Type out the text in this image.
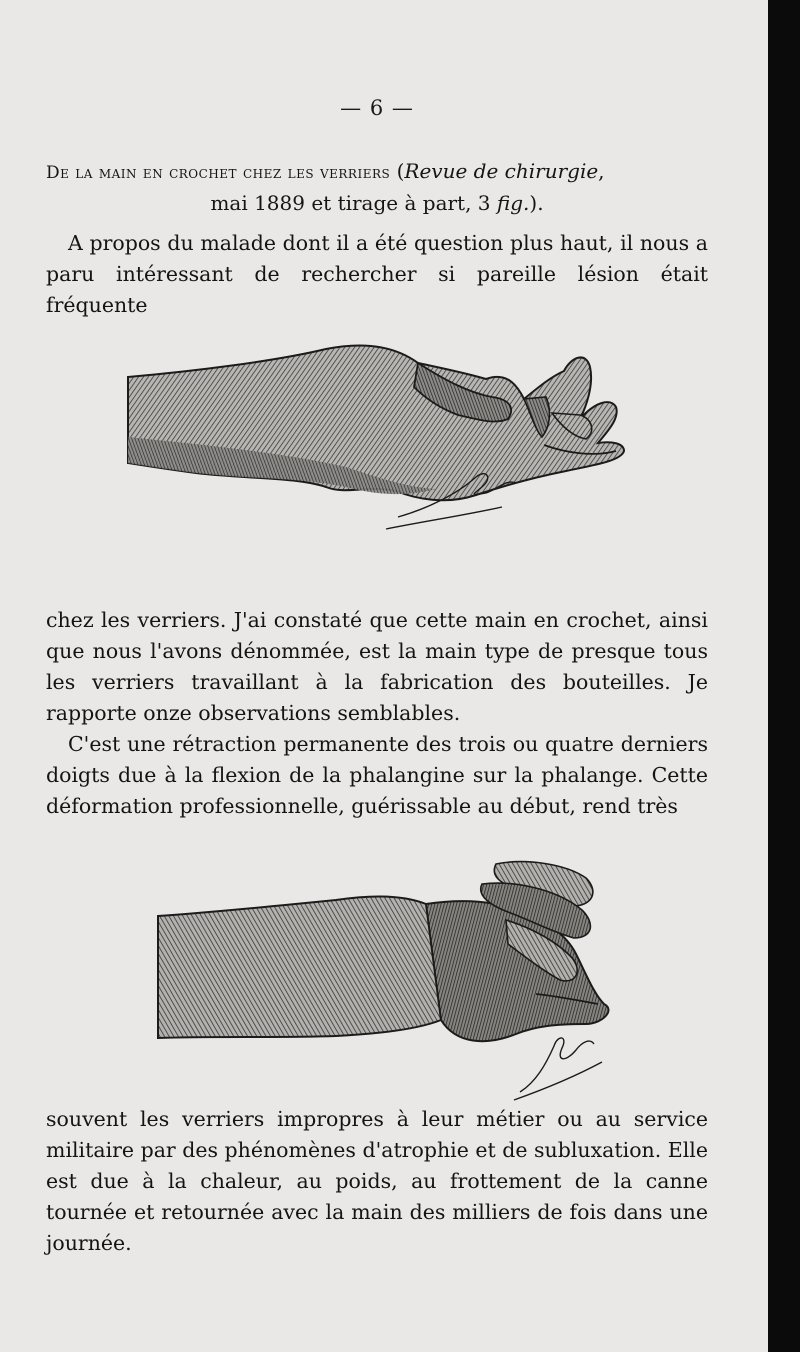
— 6 —

De la main en crochet chez les verriers (Revue de chirurgie,
mai 1889 et tirage à part, 3 fig.).

A propos du malade dont il a été question plus haut, il nous a paru intéressant de rechercher si pareille lésion était fréquente

chez les verriers. J'ai constaté que cette main en crochet, ainsi que nous l'avons dénommée, est la main type de presque tous les verriers travaillant à la fabrication des bouteilles. Je rapporte onze observations semblables.

C'est une rétraction permanente des trois ou quatre derniers doigts due à la flexion de la phalangine sur la phalange. Cette déformation professionnelle, guérissable au début, rend très

souvent les verriers impropres à leur métier ou au service militaire par des phénomènes d'atrophie et de subluxation. Elle est due à la chaleur, au poids, au frottement de la canne tournée et retournée avec la main des milliers de fois dans une journée.
